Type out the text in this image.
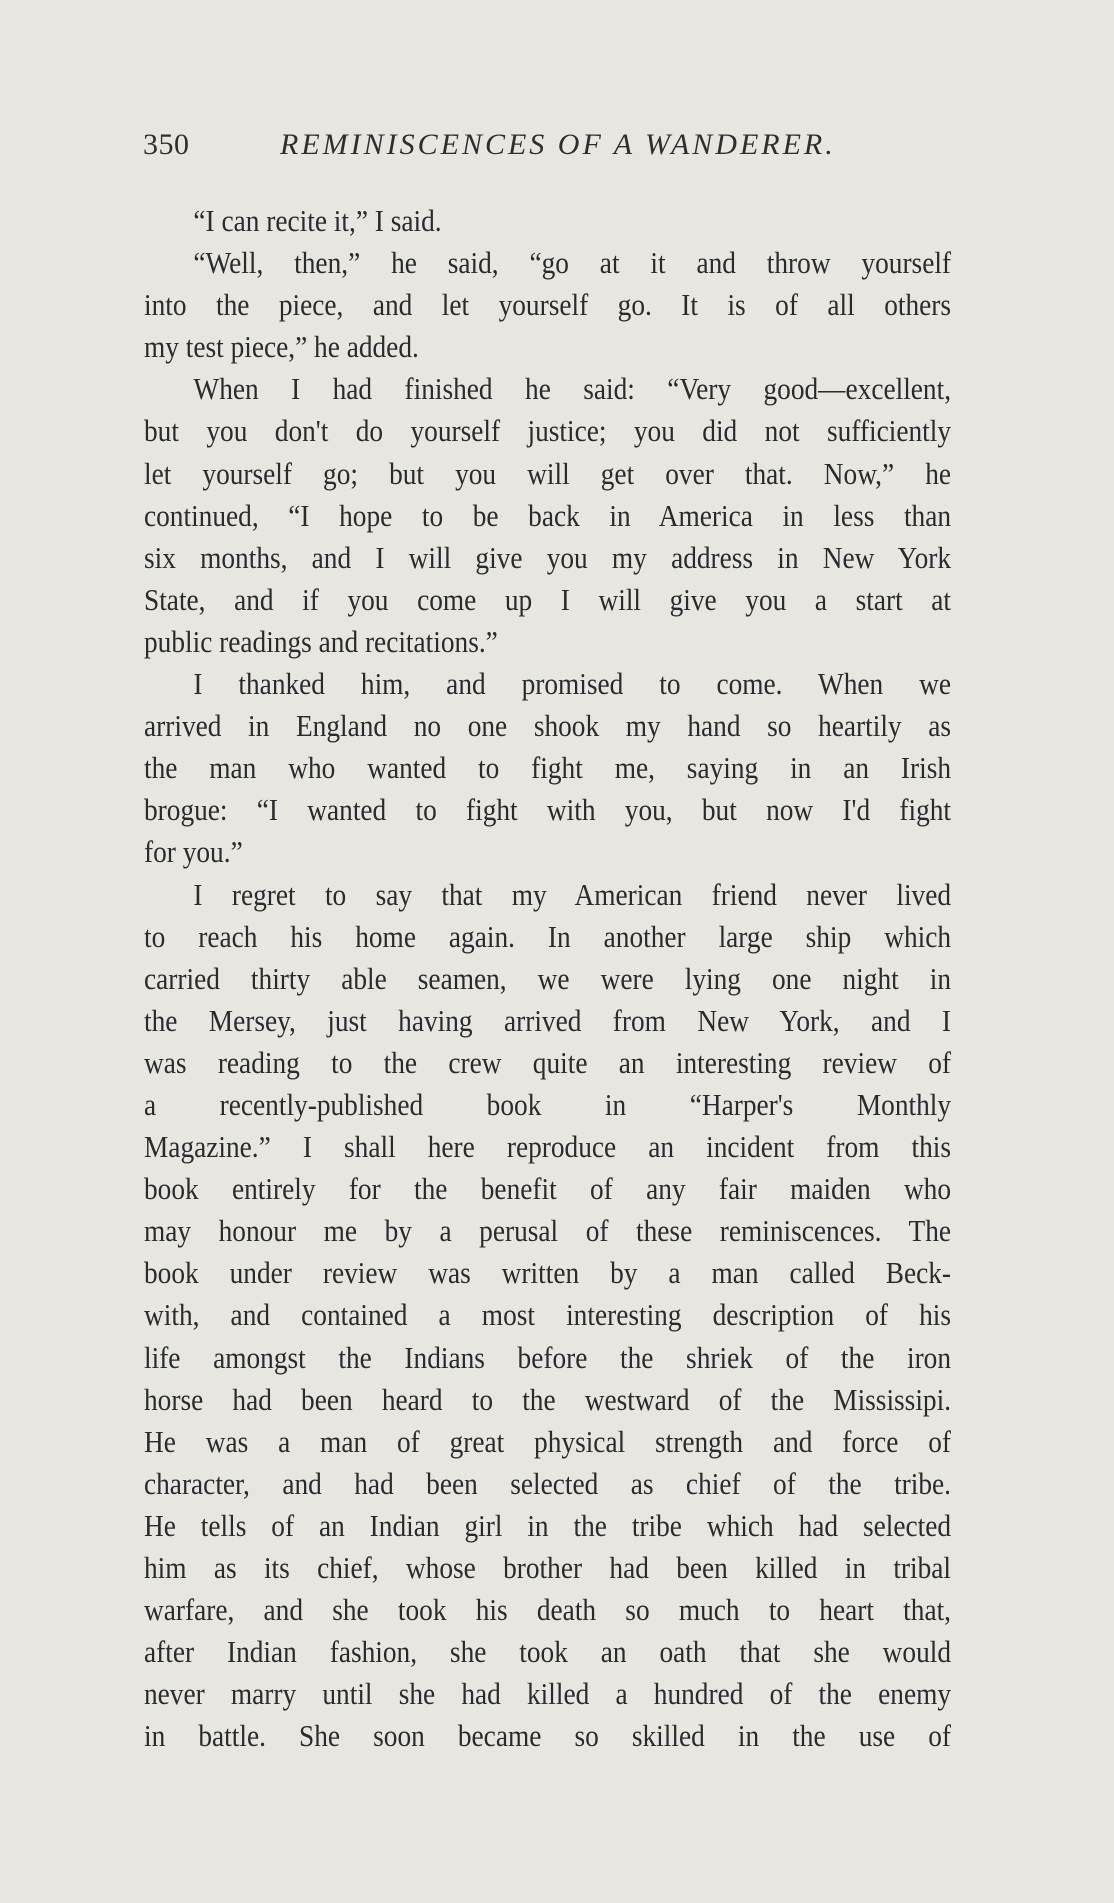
350	REMINISCENCES OF A WANDERER.
“I can recite it,” I said.
“Well, then,” he said, “go at it and throw yourself
into the piece, and let yourself go. It is of all others
my test piece,” he added.
When I had finished he said: “Very good—excellent,
but you don't do yourself justice; you did not sufficiently
let yourself go; but you will get over that. Now,” he
continued, “I hope to be back in America in less than
six months, and I will give you my address in New York
State, and if you come up I will give you a start at
public readings and recitations.”
I thanked him, and promised to come. When we
arrived in England no one shook my hand so heartily as
the man who wanted to fight me, saying in an Irish
brogue: “I wanted to fight with you, but now I'd fight
for you.”
I regret to say that my American friend never lived
to reach his home again. In another large ship which
carried thirty able seamen, we were lying one night in
the Mersey, just having arrived from New York, and I
was reading to the crew quite an interesting review of
a recently-published book in “Harper's Monthly
Magazine.” I shall here reproduce an incident from this
book entirely for the benefit of any fair maiden who
may honour me by a perusal of these reminiscences. The
book under review was written by a man called Beck-
with, and contained a most interesting description of his
life amongst the Indians before the shriek of the iron
horse had been heard to the westward of the Mississipi.
He was a man of great physical strength and force of
character, and had been selected as chief of the tribe.
He tells of an Indian girl in the tribe which had selected
him as its chief, whose brother had been killed in tribal
warfare, and she took his death so much to heart that,
after Indian fashion, she took an oath that she would
never marry until she had killed a hundred of the enemy
in battle. She soon became so skilled in the use of
